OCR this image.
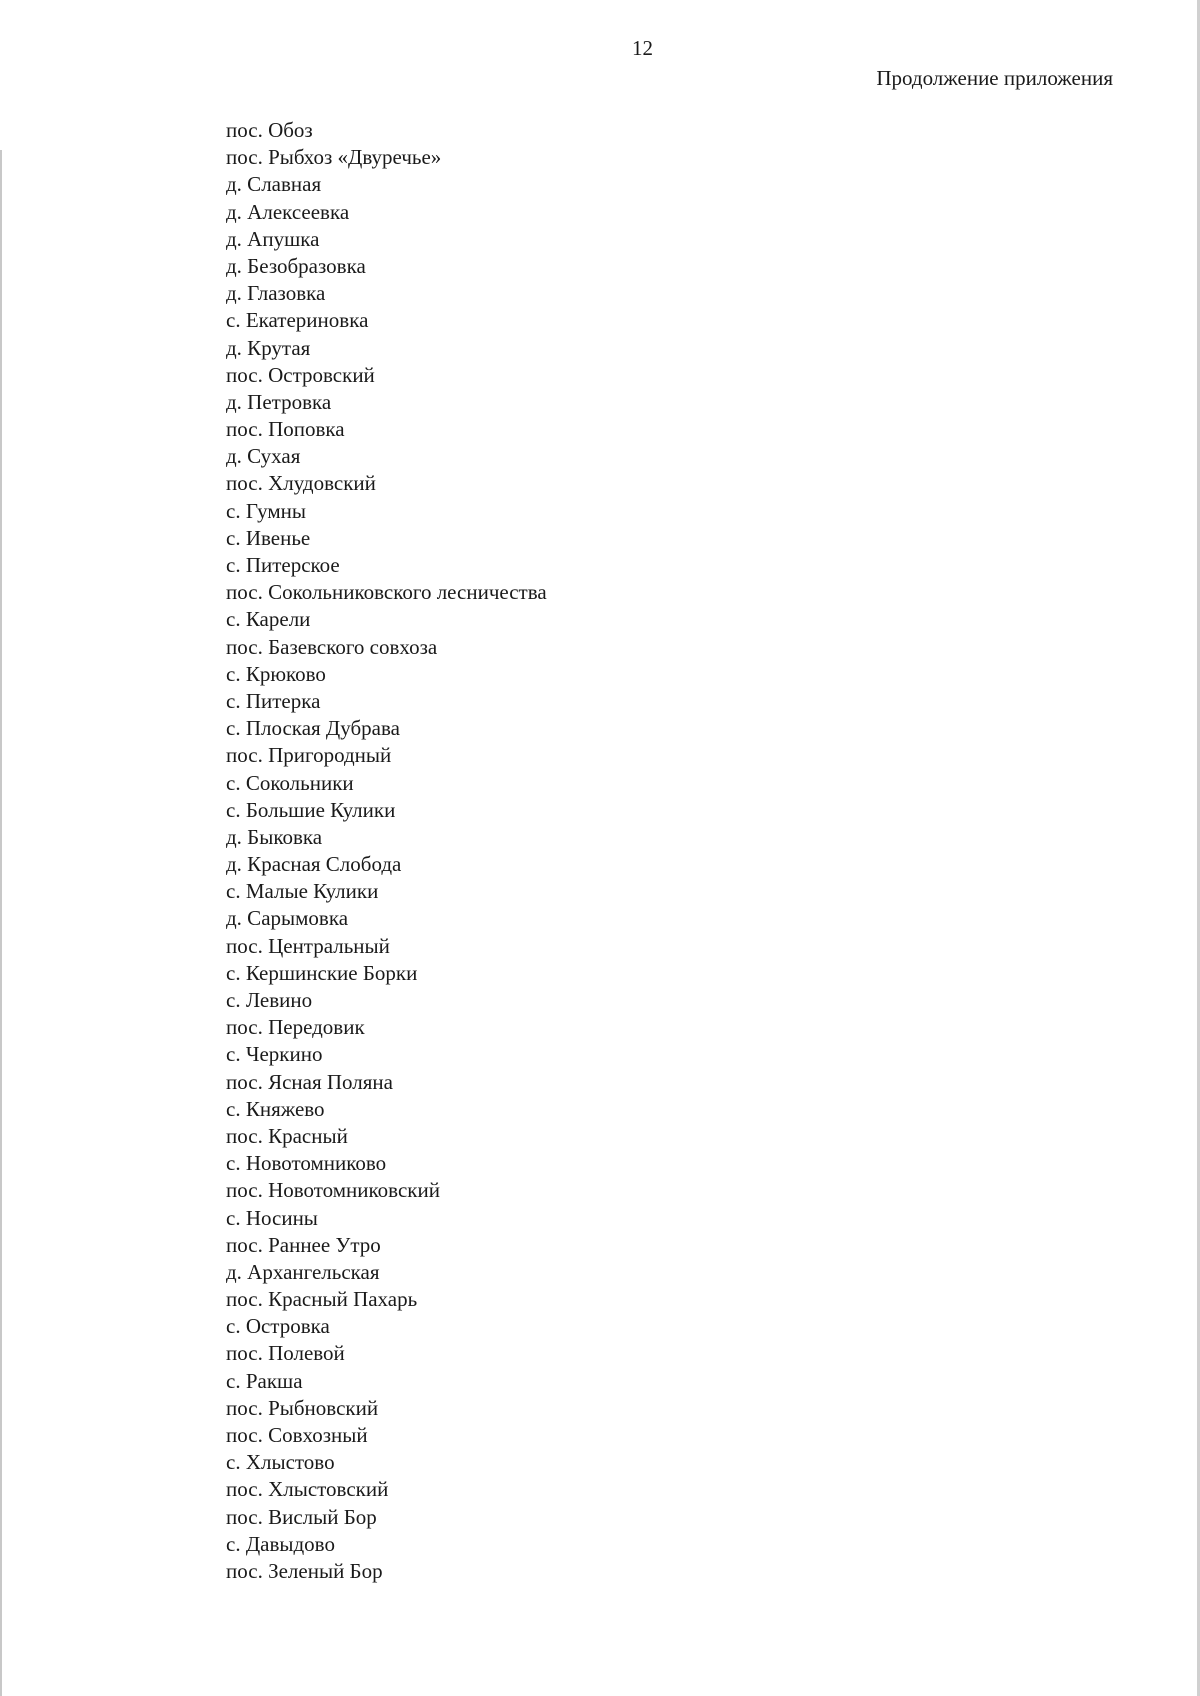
12
Продолжение приложения
пос. Обоз
пос. Рыбхоз «Двуречье»
д. Славная
д. Алексеевка
д. Апушка
д. Безобразовка
д. Глазовка
с. Екатериновка
д. Крутая
пос. Островский
д. Петровка
пос. Поповка
д. Сухая
пос. Хлудовский
с. Гумны
с. Ивенье
с. Питерское
пос. Сокольниковского лесничества
с. Карели
пос. Базевского совхоза
с. Крюково
с. Питерка
с. Плоская Дубрава
пос. Пригородный
с. Сокольники
с. Большие Кулики
д. Быковка
д. Красная Слобода
с. Малые Кулики
д. Сарымовка
пос. Центральный
с. Кершинские Борки
с. Левино
пос. Передовик
с. Черкино
пос. Ясная Поляна
с. Княжево
пос. Красный
с. Новотомниково
пос. Новотомниковский
с. Носины
пос. Раннее Утро
д. Архангельская
пос. Красный Пахарь
с. Островка
пос. Полевой
с. Ракша
пос. Рыбновский
пос. Совхозный
с. Хлыстово
пос. Хлыстовский
пос. Вислый Бор
с. Давыдово
пос. Зеленый Бор
